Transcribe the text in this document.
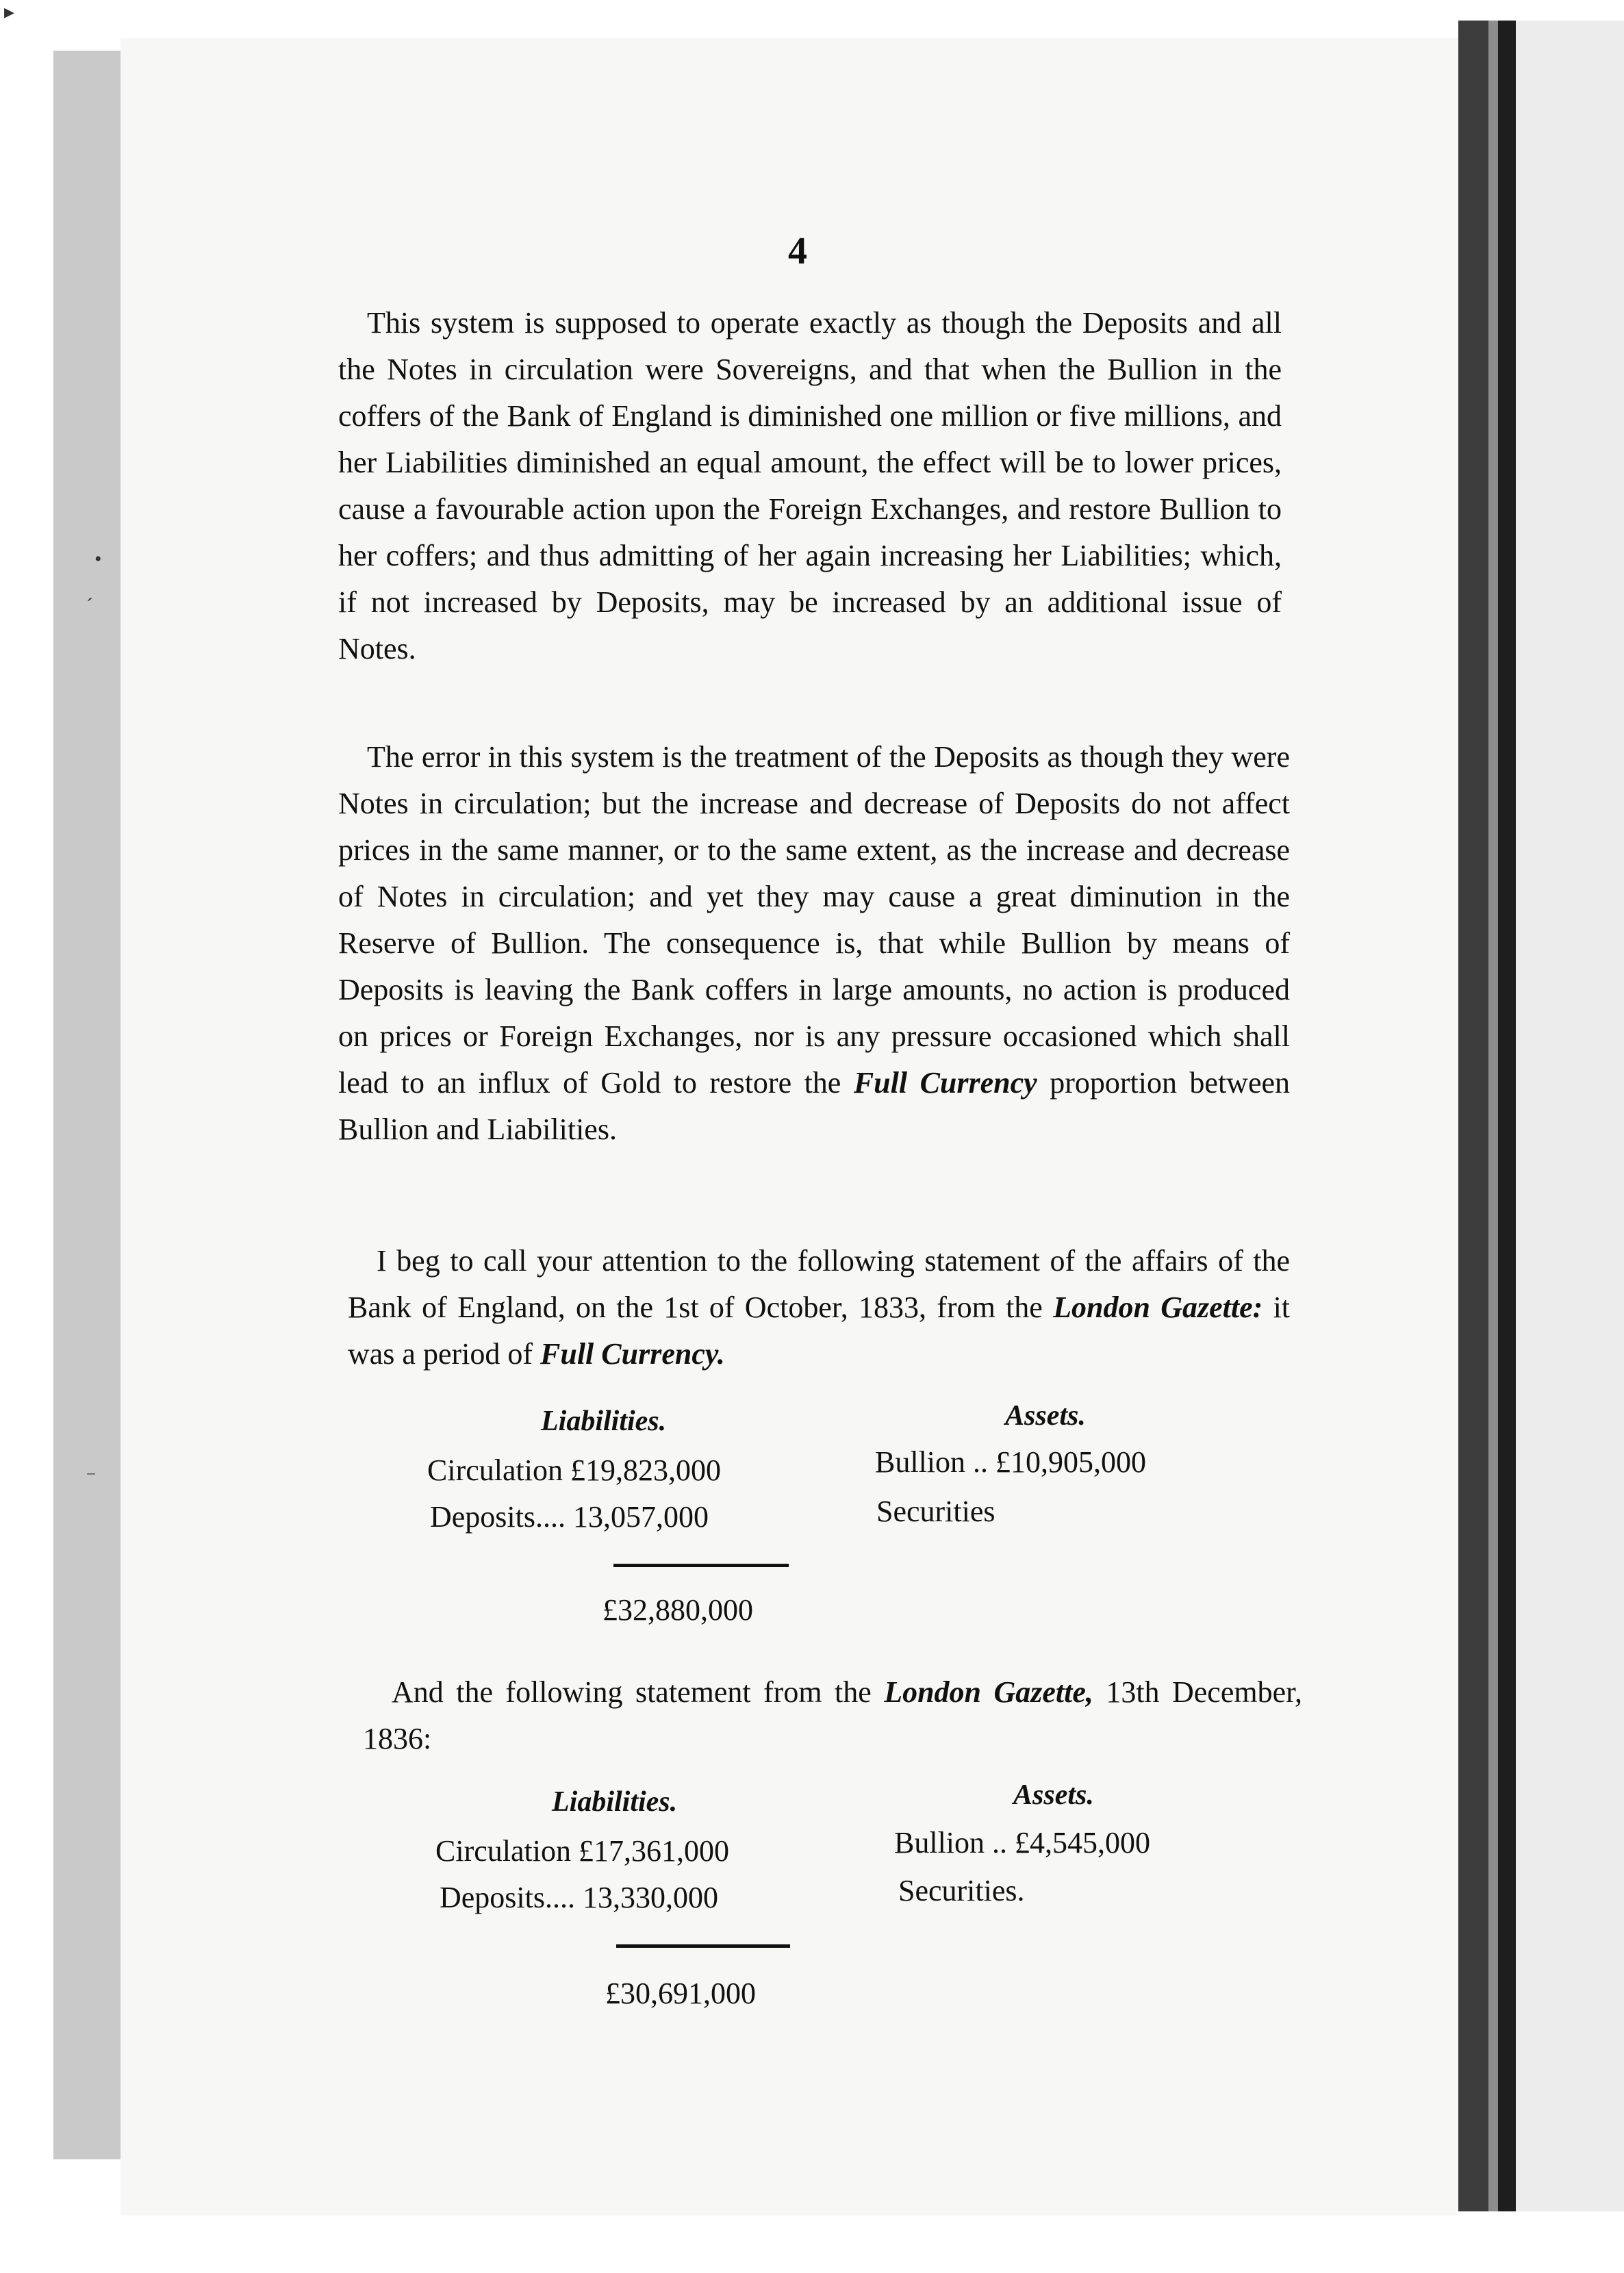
•
ˊ
‾
▸
4

This system is supposed to operate exactly as though the Deposits and all the Notes in circulation were Sovereigns, and that when the Bullion in the coffers of the Bank of England is diminished one million or five millions, and her Liabilities diminished an equal amount, the effect will be to lower prices, cause a favourable action upon the Foreign Exchanges, and restore Bullion to her coffers; and thus admitting of her again increasing her Liabilities; which, if not increased by Deposits, may be increased by an additional issue of Notes.

The error in this system is the treatment of the Deposits as though they were Notes in circulation; but the increase and decrease of Deposits do not affect prices in the same manner, or to the same extent, as the increase and decrease of Notes in circulation; and yet they may cause a great diminution in the Reserve of Bullion. The consequence is, that while Bullion by means of Deposits is leaving the Bank coffers in large amounts, no action is produced on prices or Foreign Exchanges, nor is any pressure occasioned which shall lead to an influx of Gold to restore the Full Currency proportion between Bullion and Liabilities.

I beg to call your attention to the following statement of the affairs of the Bank of England, on the 1st of October, 1833, from the London Gazette: it was a period of Full Currency.

Liabilities.	Assets.
Circulation £19,823,000	Bullion .. £10,905,000
Deposits.... 13,057,000	Securities
£32,880,000

And the following statement from the London Gazette, 13th December, 1836:

Liabilities.	Assets.
Circulation £17,361,000	Bullion .. £4,545,000
Deposits.... 13,330,000	Securities.
£30,691,000
